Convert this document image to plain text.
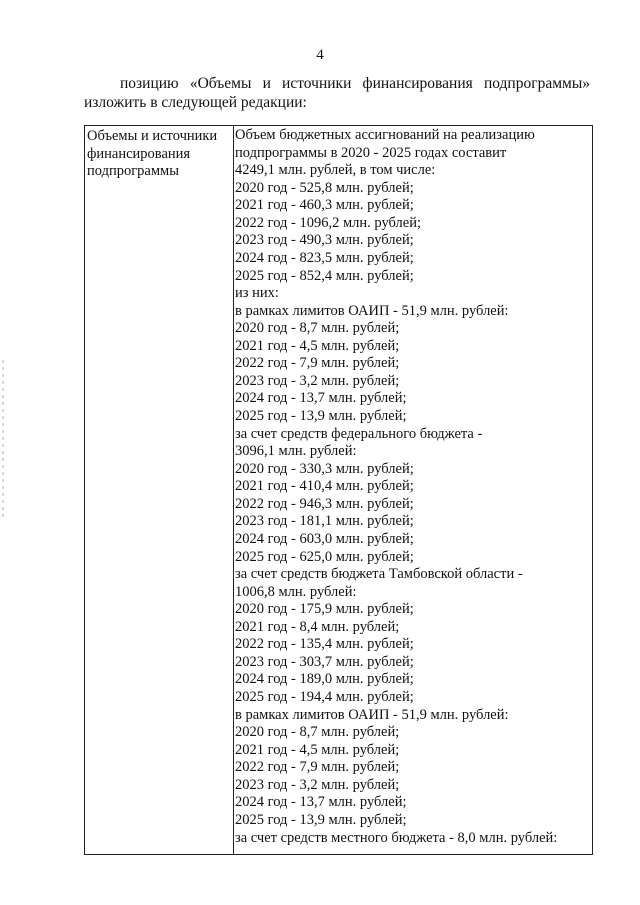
4
позицию «Объемы и источники финансирования подпрограммы»
изложить в следующей редакции:
Объемы и источники
финансирования
подпрограммы
Объем бюджетных ассигнований на реализацию
подпрограммы в 2020 - 2025 годах составит
4249,1 млн. рублей, в том числе:
2020 год - 525,8 млн. рублей;
2021 год - 460,3 млн. рублей;
2022 год - 1096,2 млн. рублей;
2023 год - 490,3 млн. рублей;
2024 год - 823,5 млн. рублей;
2025 год - 852,4 млн. рублей;
из них:
в рамках лимитов ОАИП - 51,9 млн. рублей:
2020 год - 8,7 млн. рублей;
2021 год - 4,5 млн. рублей;
2022 год - 7,9 млн. рублей;
2023 год - 3,2 млн. рублей;
2024 год - 13,7 млн. рублей;
2025 год - 13,9 млн. рублей;
за счет средств федерального бюджета -
3096,1 млн. рублей:
2020 год - 330,3 млн. рублей;
2021 год - 410,4 млн. рублей;
2022 год - 946,3 млн. рублей;
2023 год - 181,1 млн. рублей;
2024 год - 603,0 млн. рублей;
2025 год - 625,0 млн. рублей;
за счет средств бюджета Тамбовской области -
1006,8 млн. рублей:
2020 год - 175,9 млн. рублей;
2021 год - 8,4 млн. рублей;
2022 год - 135,4 млн. рублей;
2023 год - 303,7 млн. рублей;
2024 год - 189,0 млн. рублей;
2025 год - 194,4 млн. рублей;
в рамках лимитов ОАИП - 51,9 млн. рублей:
2020 год - 8,7 млн. рублей;
2021 год - 4,5 млн. рублей;
2022 год - 7,9 млн. рублей;
2023 год - 3,2 млн. рублей;
2024 год - 13,7 млн. рублей;
2025 год - 13,9 млн. рублей;
за счет средств местного бюджета - 8,0 млн. рублей:
